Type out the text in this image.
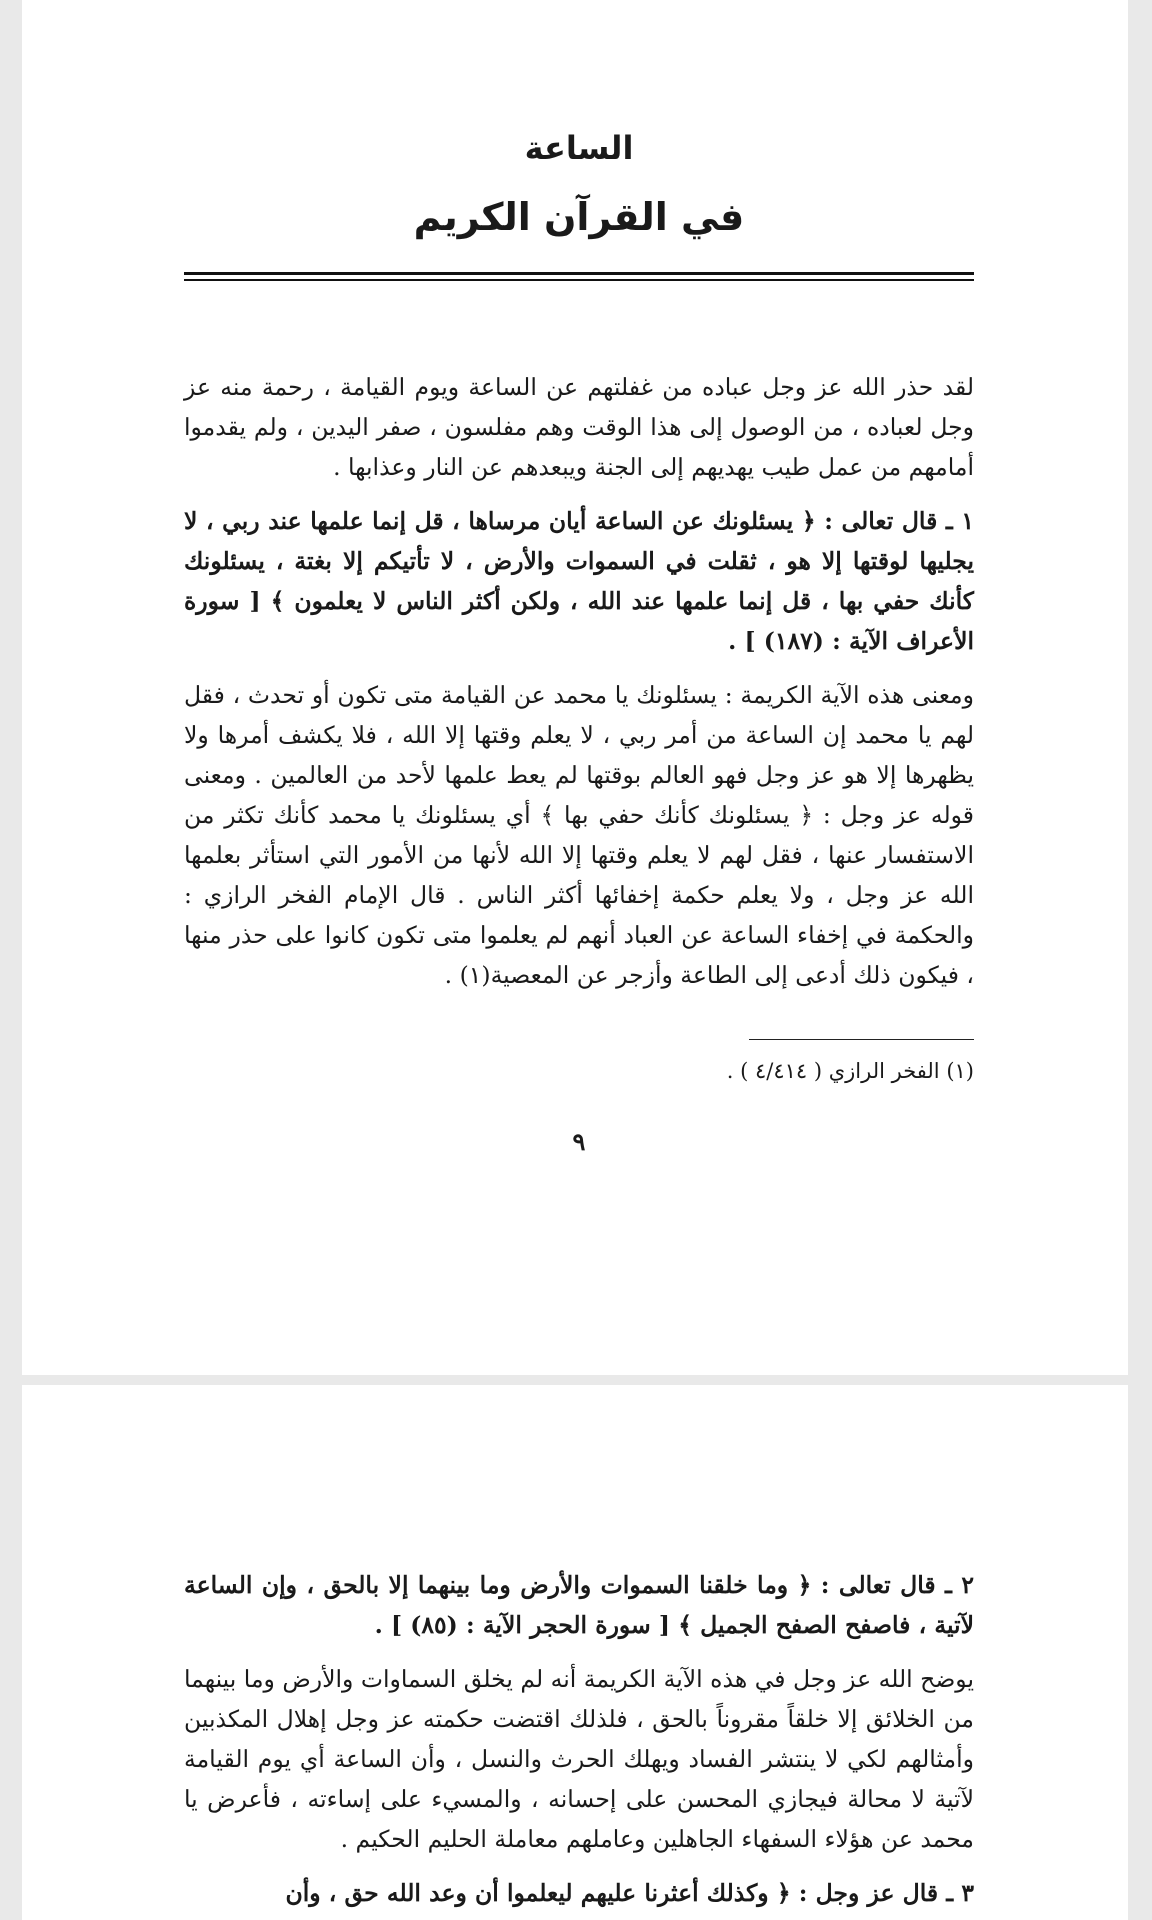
الساعة
في القرآن الكريم

لقد حذر الله عز وجل عباده من غفلتهم عن الساعة ويوم القيامة ، رحمة منه عز وجل لعباده ، من الوصول إلى هذا الوقت وهم مفلسون ، صفر اليدين ، ولم يقدموا أمامهم من عمل طيب يهديهم إلى الجنة ويبعدهم عن النار وعذابها .

١ ـ قال تعالى : ﴿ يسئلونك عن الساعة أيان مرساها ، قل إنما علمها عند ربي ، لا يجليها لوقتها إلا هو ، ثقلت في السموات والأرض ، لا تأتيكم إلا بغتة ، يسئلونك كأنك حفي بها ، قل إنما علمها عند الله ، ولكن أكثر الناس لا يعلمون ﴾ [ سورة الأعراف الآية : (١٨٧) ] .

ومعنى هذه الآية الكريمة : يسئلونك يا محمد عن القيامة متى تكون أو تحدث ، فقل لهم يا محمد إن الساعة من أمر ربي ، لا يعلم وقتها إلا الله ، فلا يكشف أمرها ولا يظهرها إلا هو عز وجل فهو العالم بوقتها لم يعط علمها لأحد من العالمين . ومعنى قوله عز وجل : ﴿ يسئلونك كأنك حفي بها ﴾ أي يسئلونك يا محمد كأنك تكثر من الاستفسار عنها ، فقل لهم لا يعلم وقتها إلا الله لأنها من الأمور التي استأثر بعلمها الله عز وجل ، ولا يعلم حكمة إخفائها أكثر الناس . قال الإمام الفخر الرازي : والحكمة في إخفاء الساعة عن العباد أنهم لم يعلموا متى تكون كانوا على حذر منها ، فيكون ذلك أدعى إلى الطاعة وأزجر عن المعصية(١) .

(١) الفخر الرازي ( ٤/٤١٤ ) .
٩

٢ ـ قال تعالى : ﴿ وما خلقنا السموات والأرض وما بينهما إلا بالحق ، وإن الساعة لآتية ، فاصفح الصفح الجميل ﴾ [ سورة الحجر الآية : (٨٥) ] .

يوضح الله عز وجل في هذه الآية الكريمة أنه لم يخلق السماوات والأرض وما بينهما من الخلائق إلا خلقاً مقروناً بالحق ، فلذلك اقتضت حكمته عز وجل إهلال المكذبين وأمثالهم لكي لا ينتشر الفساد ويهلك الحرث والنسل ، وأن الساعة أي يوم القيامة لآتية لا محالة فيجازي المحسن على إحسانه ، والمسيء على إساءته ، فأعرض يا محمد عن هؤلاء السفهاء الجاهلين وعاملهم معاملة الحليم الحكيم .

٣ ـ قال عز وجل : ﴿ وكذلك أعثرنا عليهم ليعلموا أن وعد الله حق ، وأن
